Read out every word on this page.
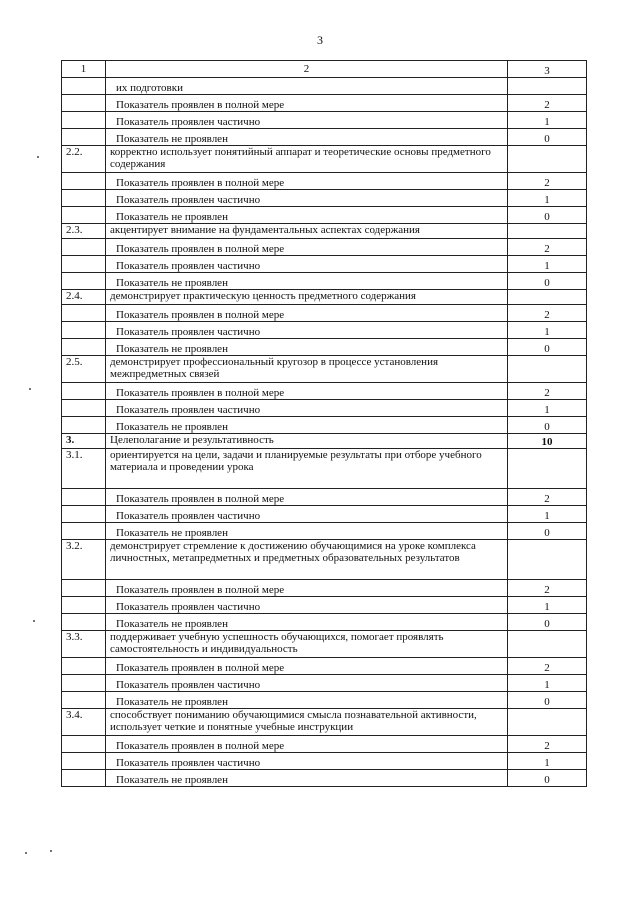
3
1	2	3
	их подготовки	
	Показатель проявлен в полной мере	2
	Показатель проявлен частично	1
	Показатель не проявлен	0
2.2.	корректно использует понятийный аппарат и теоретические основы предметного содержания	
	Показатель проявлен в полной мере	2
	Показатель проявлен частично	1
	Показатель не проявлен	0
2.3.	акцентирует внимание на фундаментальных аспектах содержания	
	Показатель проявлен в полной мере	2
	Показатель проявлен частично	1
	Показатель не проявлен	0
2.4.	демонстрирует практическую ценность предметного содержания	
	Показатель проявлен в полной мере	2
	Показатель проявлен частично	1
	Показатель не проявлен	0
2.5.	демонстрирует профессиональный кругозор в процессе установления межпредметных связей	
	Показатель проявлен в полной мере	2
	Показатель проявлен частично	1
	Показатель не проявлен	0
3.	Целеполагание и результативность	10
3.1.	ориентируется на цели, задачи и планируемые результаты при отборе учебного материала и проведении урока	
	Показатель проявлен в полной мере	2
	Показатель проявлен частично	1
	Показатель не проявлен	0
3.2.	демонстрирует стремление к достижению обучающимися на уроке комплекса личностных, метапредметных и предметных образовательных результатов	
	Показатель проявлен в полной мере	2
	Показатель проявлен частично	1
	Показатель не проявлен	0
3.3.	поддерживает учебную успешность обучающихся, помогает проявлять самостоятельность и индивидуальность	
	Показатель проявлен в полной мере	2
	Показатель проявлен частично	1
	Показатель не проявлен	0
3.4.	способствует пониманию обучающимися смысла познавательной активности, использует четкие и понятные учебные инструкции	
	Показатель проявлен в полной мере	2
	Показатель проявлен частично	1
	Показатель не проявлен	0
